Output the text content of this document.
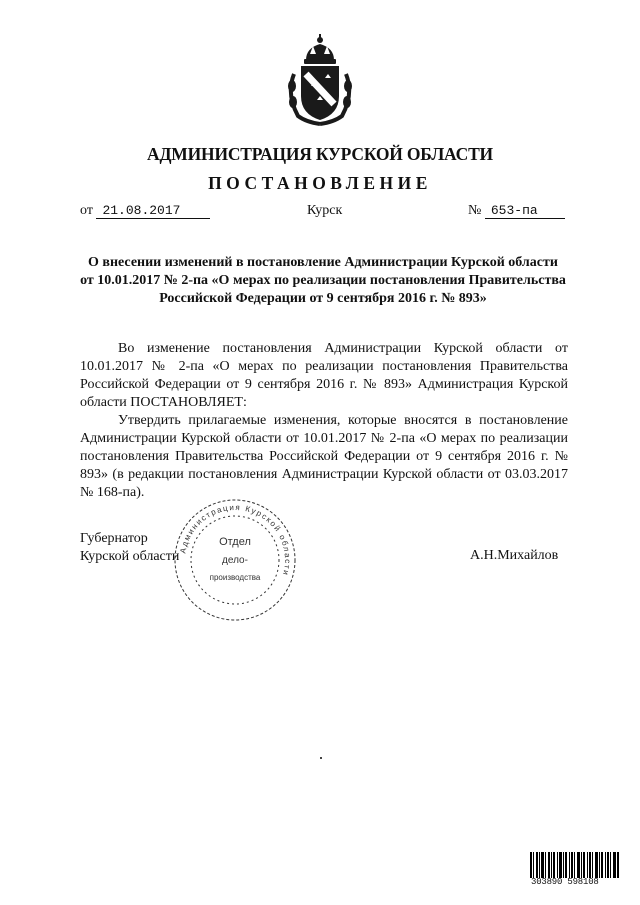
АДМИНИСТРАЦИЯ КУРСКОЙ ОБЛАСТИ
ПОСТАНОВЛЕНИЕ
от 21.08.2017	Курск	№ 653-па
О внесении изменений в постановление Администрации Курской области от 10.01.2017 № 2-па «О мерах по реализации постановления Правительства Российской Федерации от 9 сентября 2016 г. № 893»

Во изменение постановления Администрации Курской области от 10.01.2017 № 2-па «О мерах по реализации постановления Правительства Российской Федерации от 9 сентября 2016 г. № 893» Администрация Курской области ПОСТАНОВЛЯЕТ:

Утвердить прилагаемые изменения, которые вносятся в постановление Администрации Курской области от 10.01.2017 № 2-па «О мерах по реализации постановления Правительства Российской Федерации от 9 сентября 2016 г. № 893» (в редакции постановления Администрации Курской области от 03.03.2017 № 168-па).

Администрация Курской области
Отдел
дело-
производства
Губернатор
Курской области	А.Н.Михайлов
303890 598108
